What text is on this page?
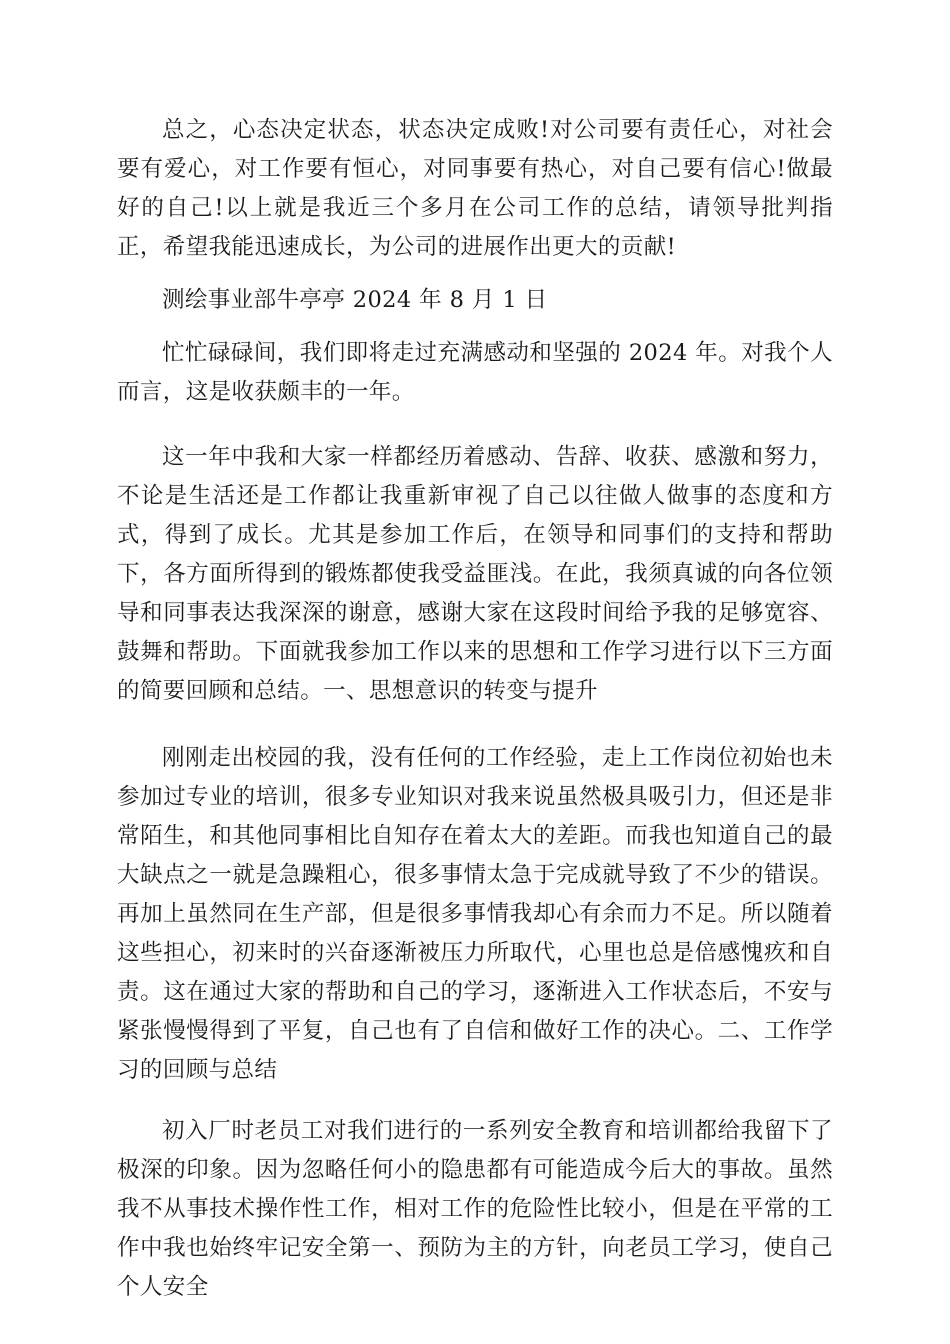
总之，心态决定状态，状态决定成败!对公司要有责任心，对社会要有爱心，对工作要有恒心，对同事要有热心，对自己要有信心!做最好的自己!以上就是我近三个多月在公司工作的总结，请领导批判指正，希望我能迅速成长，为公司的进展作出更大的贡献!

测绘事业部牛亭亭 2024 年 8 月 1 日

忙忙碌碌间，我们即将走过充满感动和坚强的 2024 年。对我个人而言，这是收获颇丰的一年。

这一年中我和大家一样都经历着感动、告辞、收获、感激和努力，不论是生活还是工作都让我重新审视了自己以往做人做事的态度和方式，得到了成长。尤其是参加工作后，在领导和同事们的支持和帮助下，各方面所得到的锻炼都使我受益匪浅。在此，我须真诚的向各位领导和同事表达我深深的谢意，感谢大家在这段时间给予我的足够宽容、鼓舞和帮助。下面就我参加工作以来的思想和工作学习进行以下三方面的简要回顾和总结。一、思想意识的转变与提升

刚刚走出校园的我，没有任何的工作经验，走上工作岗位初始也未参加过专业的培训，很多专业知识对我来说虽然极具吸引力，但还是非常陌生，和其他同事相比自知存在着太大的差距。而我也知道自己的最大缺点之一就是急躁粗心，很多事情太急于完成就导致了不少的错误。再加上虽然同在生产部，但是很多事情我却心有余而力不足。所以随着这些担心，初来时的兴奋逐渐被压力所取代，心里也总是倍感愧疚和自责。这在通过大家的帮助和自己的学习，逐渐进入工作状态后，不安与紧张慢慢得到了平复，自己也有了自信和做好工作的决心。二、工作学习的回顾与总结

初入厂时老员工对我们进行的一系列安全教育和培训都给我留下了极深的印象。因为忽略任何小的隐患都有可能造成今后大的事故。虽然我不从事技术操作性工作，相对工作的危险性比较小，但是在平常的工作中我也始终牢记安全第一、预防为主的方针，向老员工学习，使自己个人安全
